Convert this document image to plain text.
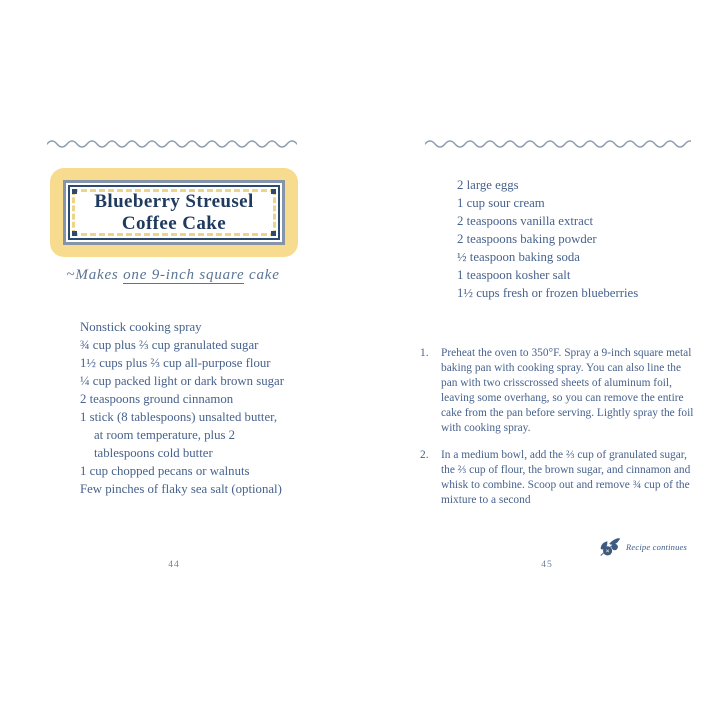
Blueberry Streusel
Coffee Cake
~Makes one 9-inch square cake
Nonstick cooking spray
¾ cup plus ⅔ cup granulated sugar
1½ cups plus ⅔ cup all-purpose flour
¼ cup packed light or dark brown sugar
2 teaspoons ground cinnamon
1 stick (8 tablespoons) unsalted butter, at room temperature, plus 2 tablespoons cold butter
1 cup chopped pecans or walnuts
Few pinches of flaky sea salt (optional)
44
2 large eggs
1 cup sour cream
2 teaspoons vanilla extract
2 teaspoons baking powder
½ teaspoon baking soda
1 teaspoon kosher salt
1½ cups fresh or frozen blueberries
1.	Preheat the oven to 350°F. Spray a 9-inch square metal baking pan with cooking spray. You can also line the pan with two crisscrossed sheets of aluminum foil, leaving some overhang, so you can remove the entire cake from the pan before serving. Lightly spray the foil with cooking spray.
2.	In a medium bowl, add the ⅔ cup of granulated sugar, the ⅔ cup of flour, the brown sugar, and cinnamon and whisk to combine. Scoop out and remove ¾ cup of the mixture to a second
Recipe continues
45
